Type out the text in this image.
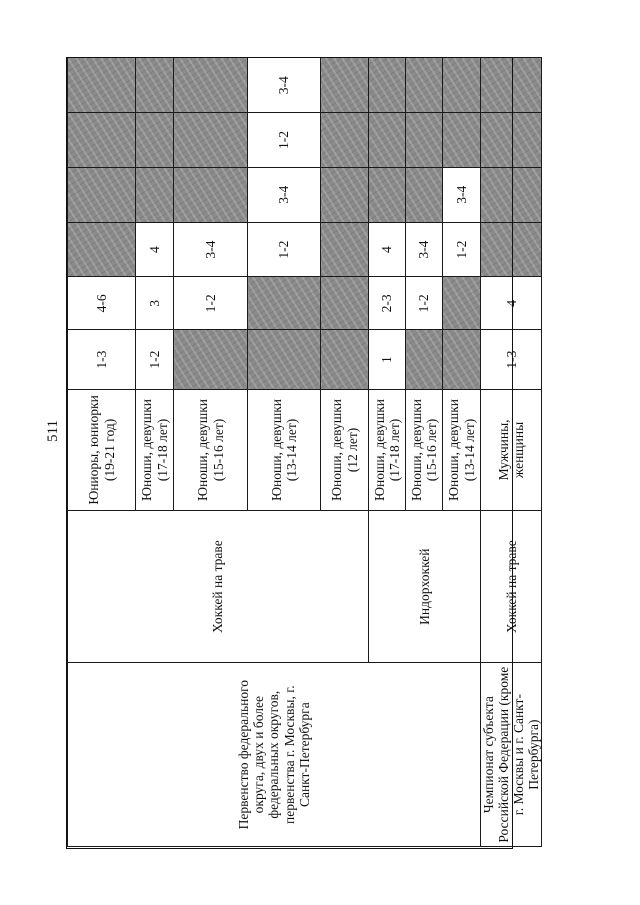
511
Первенство федерального округа, двух и более федеральных округов, первенства г. Москвы, г. Санкт-Петербурга	Хоккей на траве	Юниоры, юниорки (19-21 год)	1-3	4-6				
		Юноши, девушки (17-18 лет)	1-2	3	4			
		Юноши, девушки (15-16 лет)		1-2	3-4			
		Юноши, девушки (13-14 лет)			1-2	3-4	1-2	3-4
		Юноши, девушки (12 лет)						
	Индорхоккей	Юноши, девушки (17-18 лет)	1	2-3	4			
		Юноши, девушки (15-16 лет)		1-2	3-4			
		Юноши, девушки (13-14 лет)			1-2	3-4		
Чемпионат субъекта Российской Федерации (кроме г. Москвы и г. Санкт-Петербурга)	Хоккей на траве	Мужчины, женщины	1-3	4				
